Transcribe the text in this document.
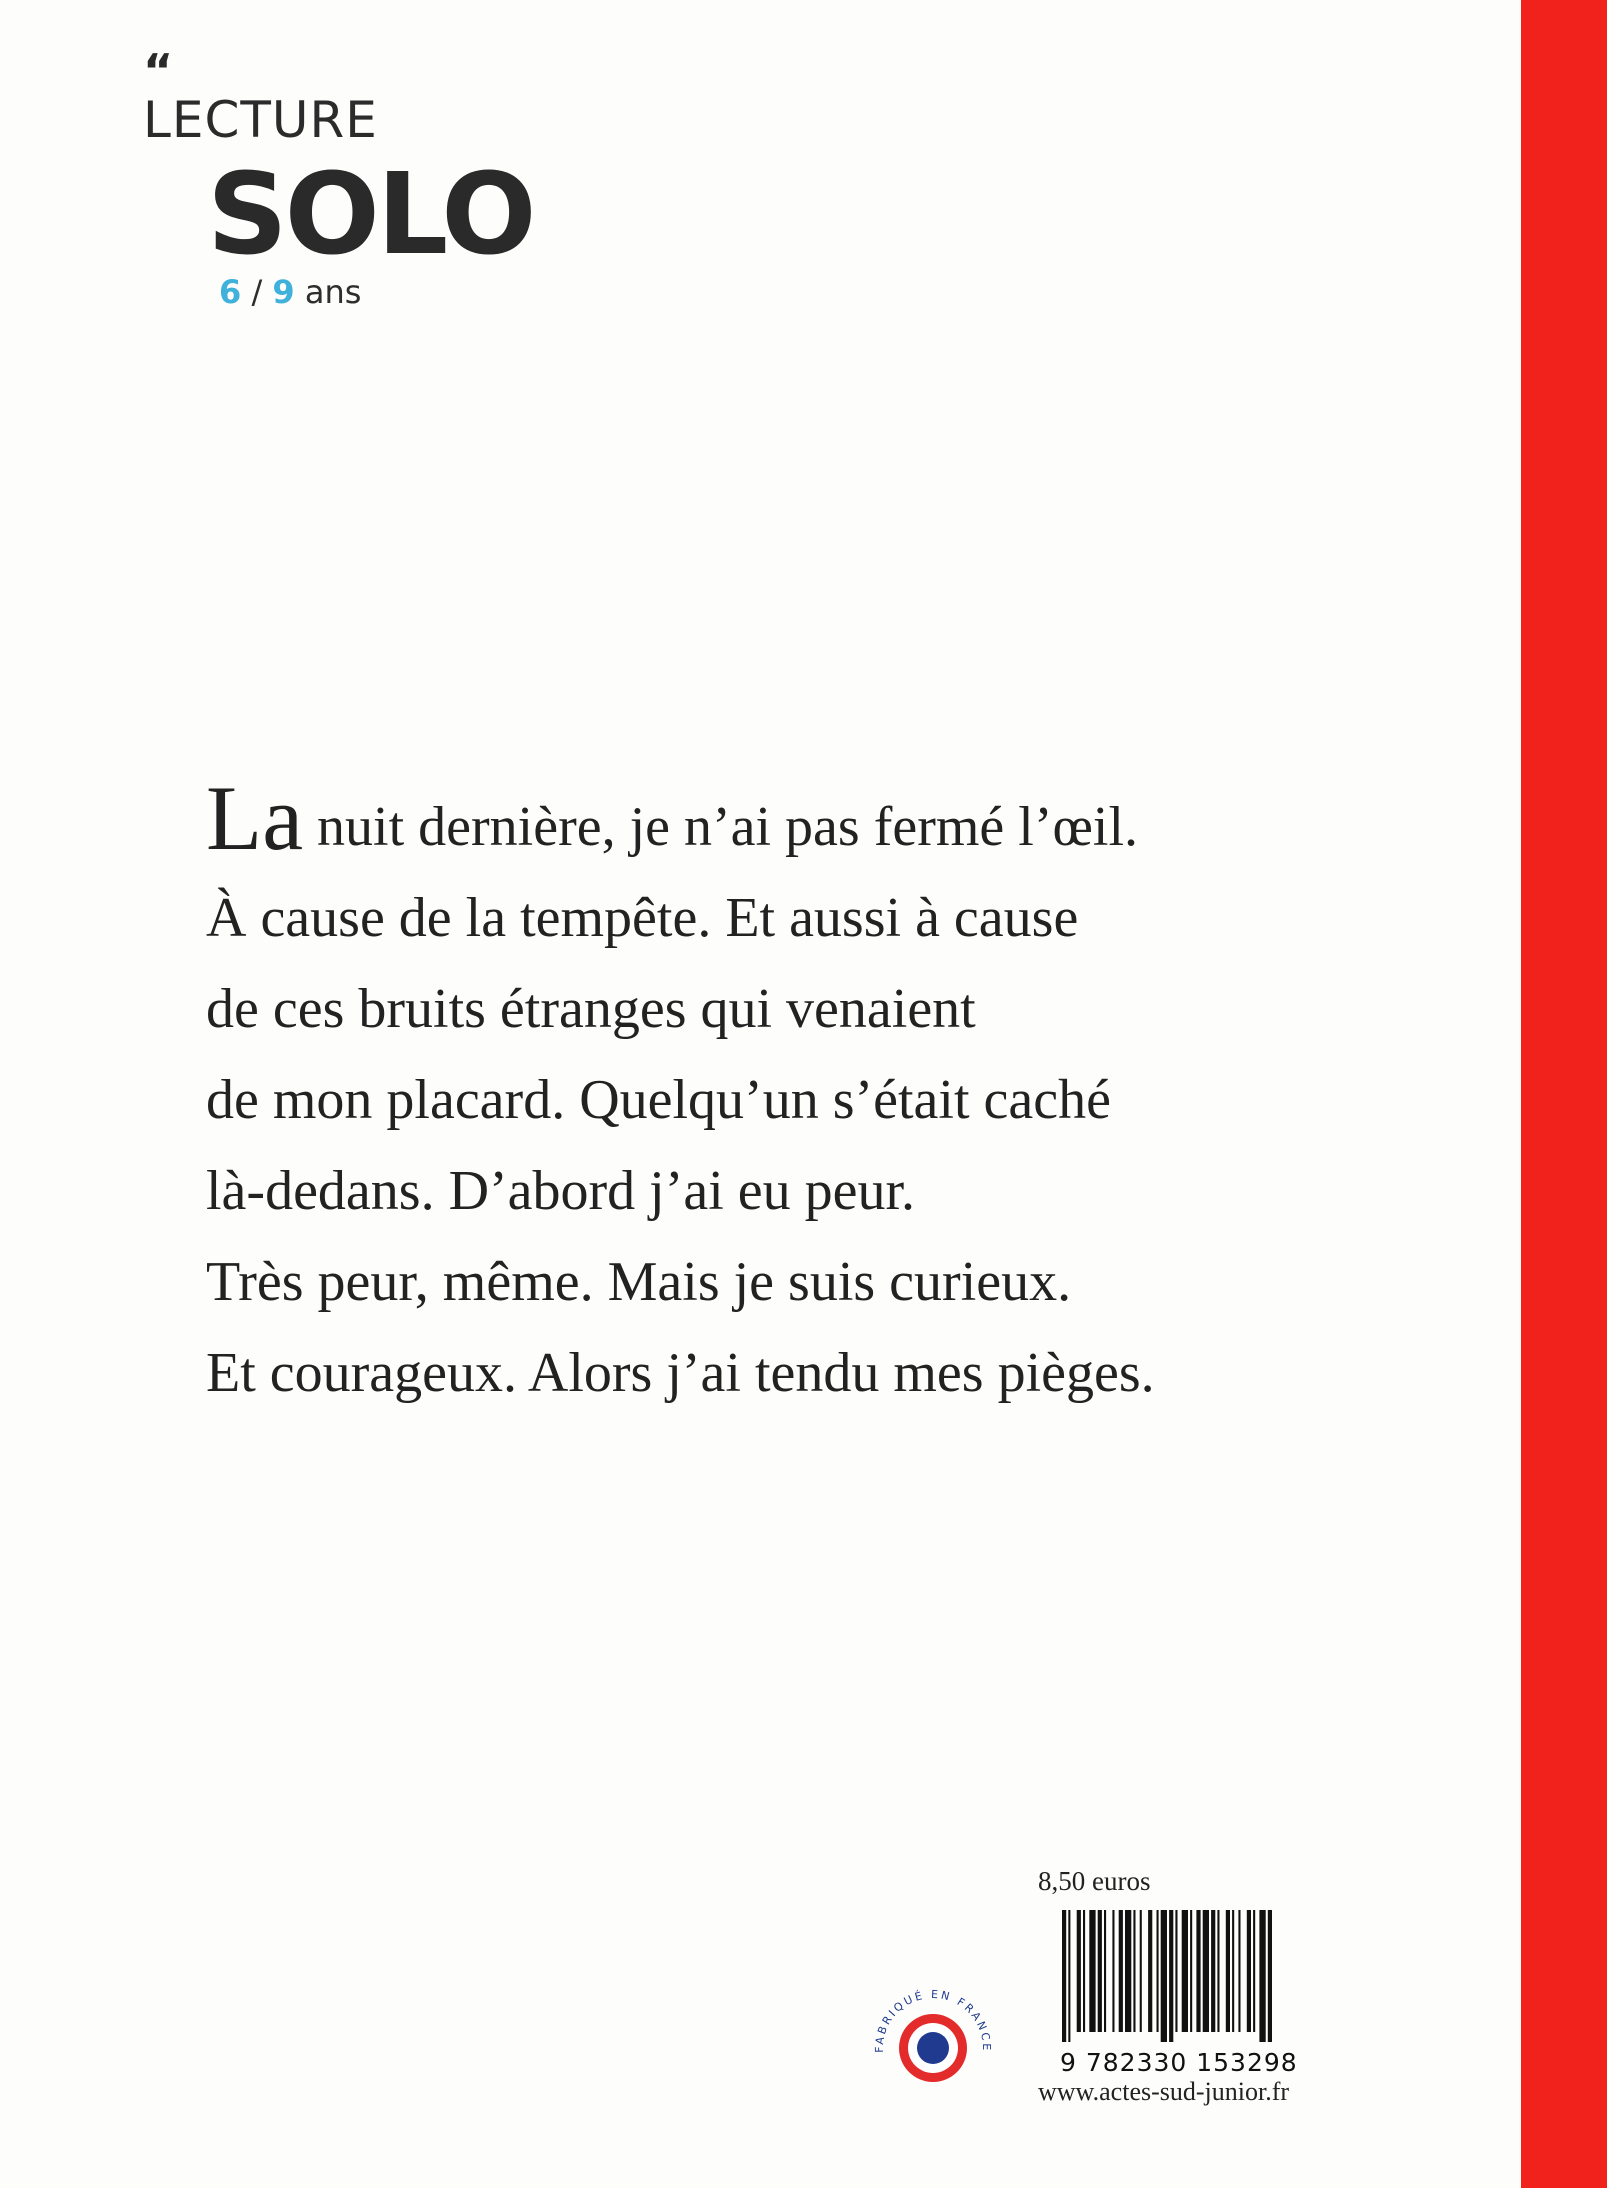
“
LECTURE
SOLO
6 / 9 ans
La nuit dernière, je n’ai pas fermé l’œil.
À cause de la tempête. Et aussi à cause
de ces bruits étranges qui venaient
de mon placard. Quelqu’un s’était caché
là-dedans. D’abord j’ai eu peur.
Très peur, même. Mais je suis curieux.
Et courageux. Alors j’ai tendu mes pièges.
8,50 euros
9 782330 153298
FABRIQUÉ EN FRANCE
www.actes-sud-junior.fr
